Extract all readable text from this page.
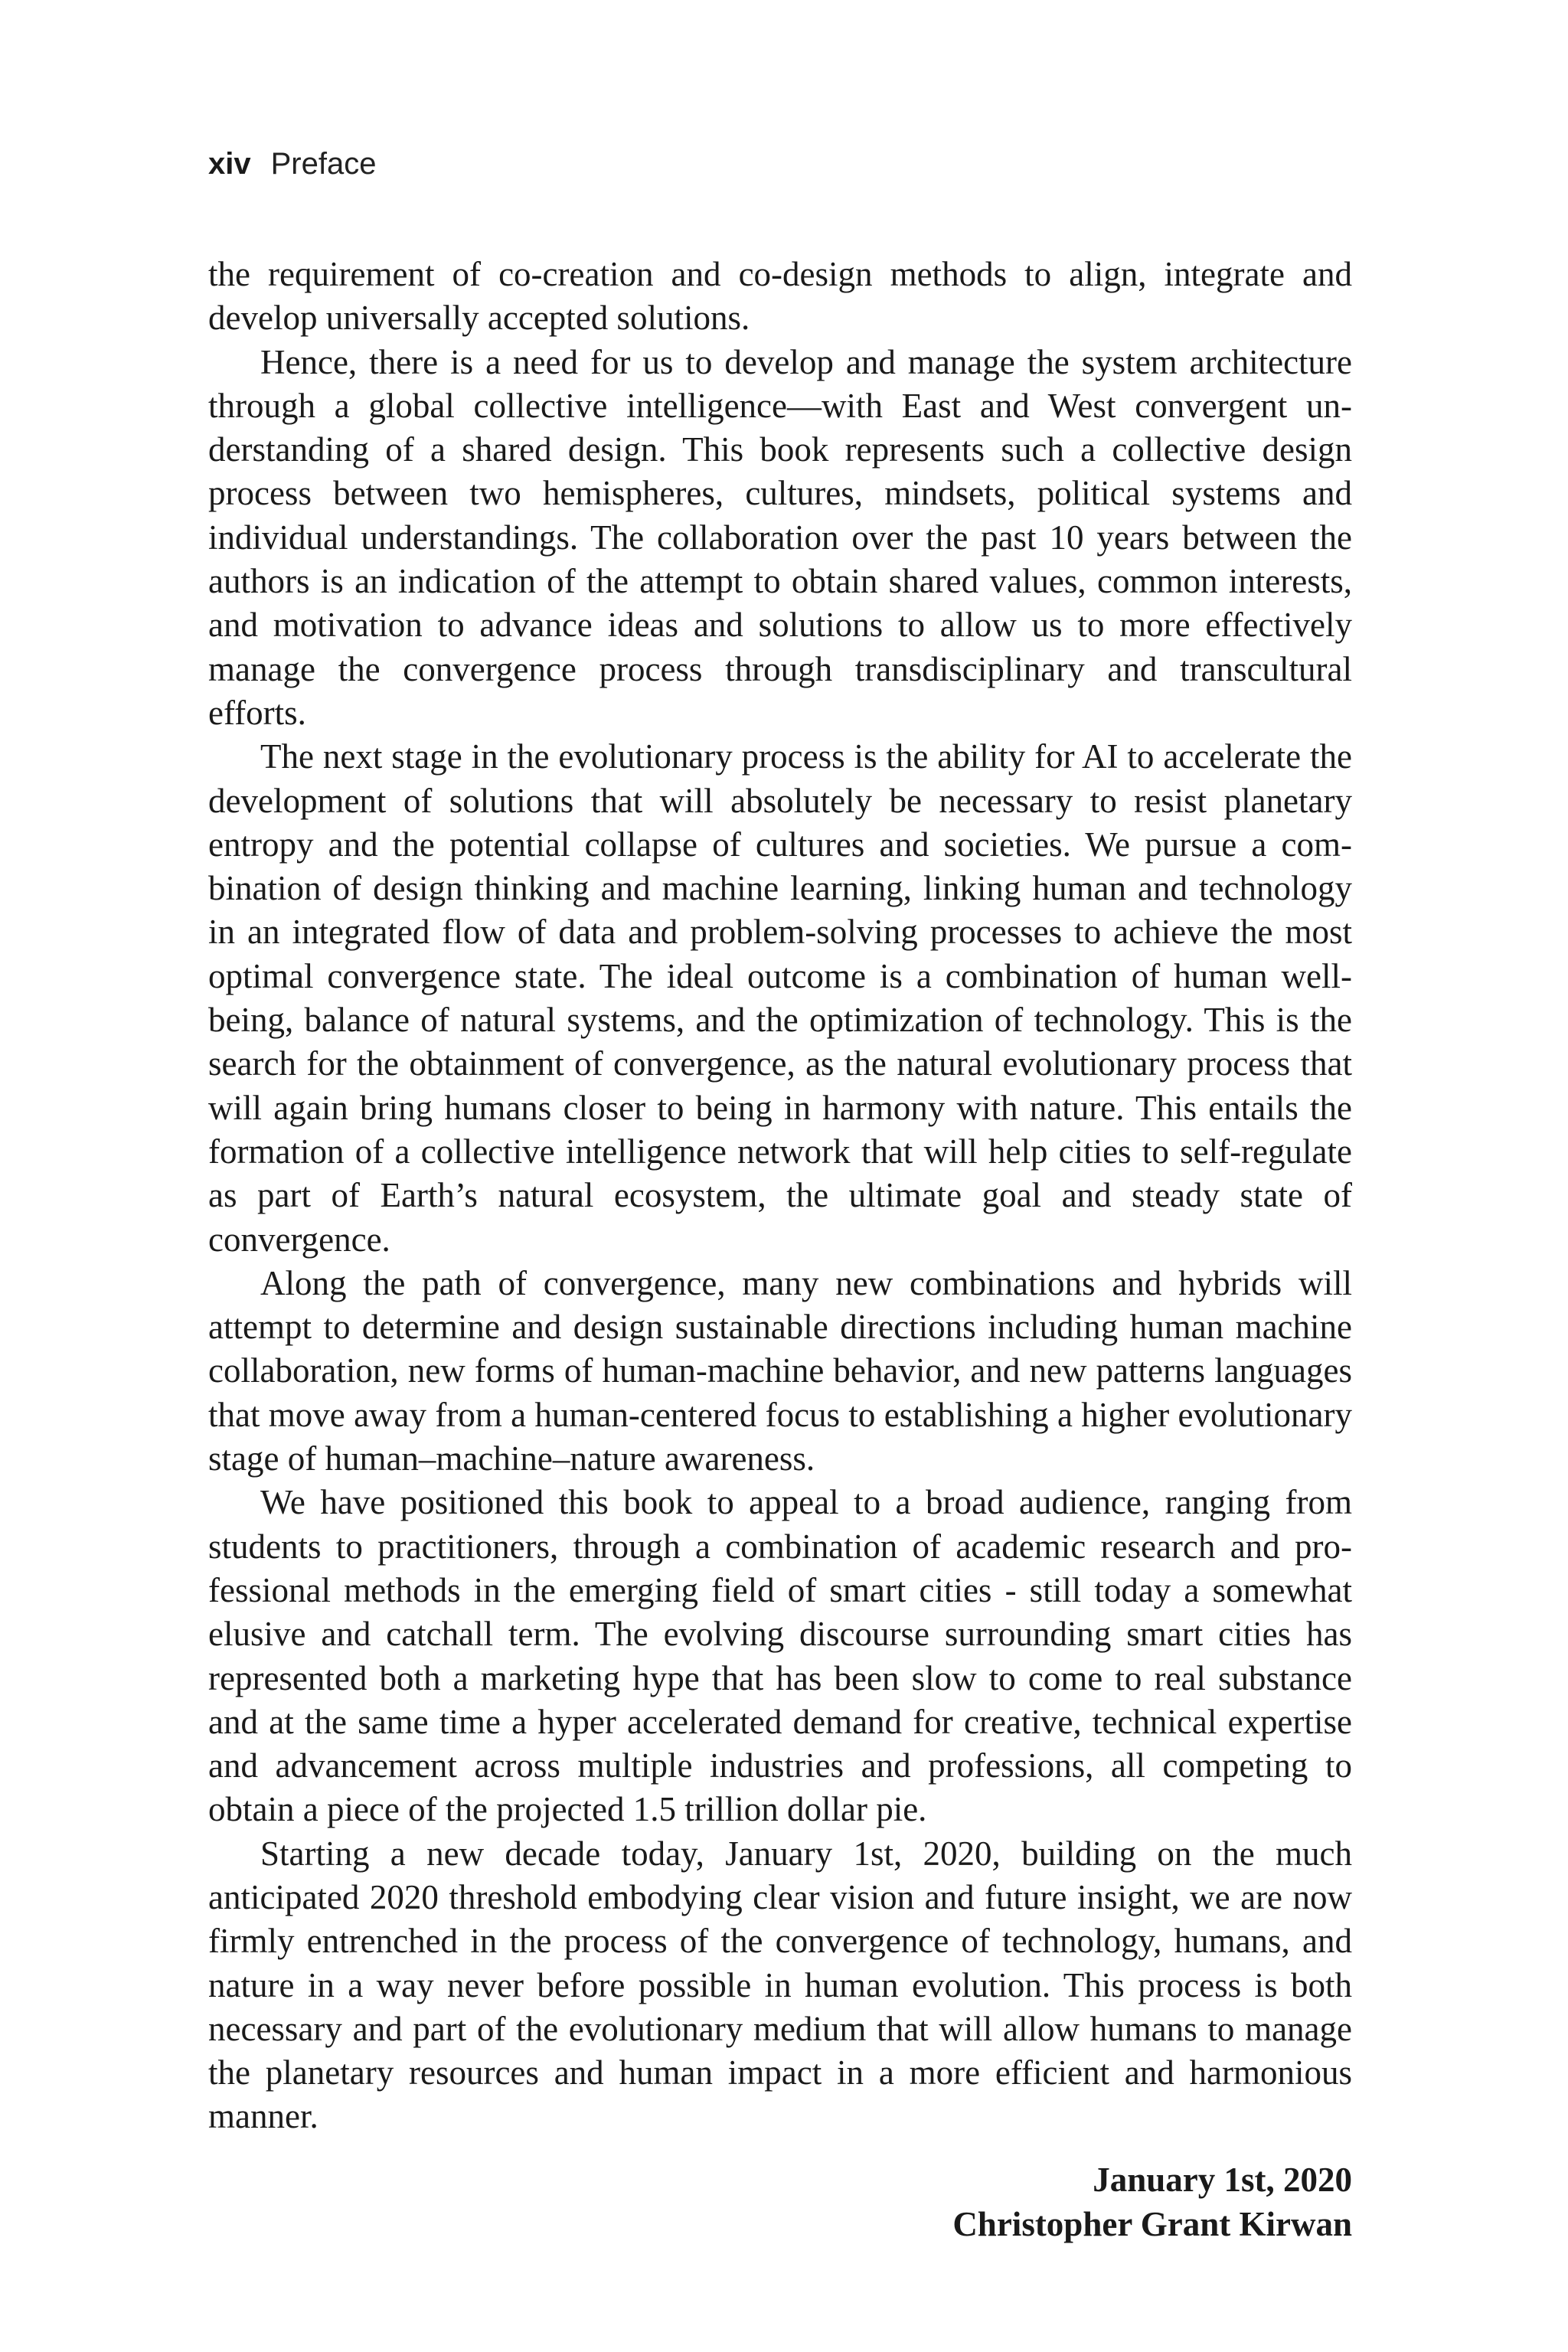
xiv Preface

the requirement of co-creation and co-design methods to align, integrate and develop universally accepted solutions.

Hence, there is a need for us to develop and manage the system architecture through a global collective intelligence—with East and West convergent understanding of a shared design. This book represents such a collective design process between two hemispheres, cultures, mindsets, political systems and individual understandings. The collaboration over the past 10 years between the authors is an indication of the attempt to obtain shared values, common interests, and motivation to advance ideas and solutions to allow us to more effectively manage the convergence process through transdisciplinary and transcultural efforts.

The next stage in the evolutionary process is the ability for AI to accelerate the development of solutions that will absolutely be necessary to resist planetary entropy and the potential collapse of cultures and societies. We pursue a combination of design thinking and machine learning, linking human and technology in an integrated flow of data and problem-solving processes to achieve the most optimal convergence state. The ideal outcome is a combination of human well-being, balance of natural systems, and the optimization of technology. This is the search for the obtainment of convergence, as the natural evolutionary process that will again bring humans closer to being in harmony with nature. This entails the formation of a collective intelligence network that will help cities to self-regulate as part of Earth’s natural ecosystem, the ultimate goal and steady state of convergence.

Along the path of convergence, many new combinations and hybrids will attempt to determine and design sustainable directions including human machine collaboration, new forms of human-machine behavior, and new patterns languages that move away from a human-centered focus to establishing a higher evolutionary stage of human–machine–nature awareness.

We have positioned this book to appeal to a broad audience, ranging from students to practitioners, through a combination of academic research and professional methods in the emerging field of smart cities - still today a somewhat elusive and catchall term. The evolving discourse surrounding smart cities has represented both a marketing hype that has been slow to come to real substance and at the same time a hyper accelerated demand for creative, technical expertise and advancement across multiple industries and professions, all competing to obtain a piece of the projected 1.5 trillion dollar pie.

Starting a new decade today, January 1st, 2020, building on the much anticipated 2020 threshold embodying clear vision and future insight, we are now firmly entrenched in the process of the convergence of technology, humans, and nature in a way never before possible in human evolution. This process is both necessary and part of the evolutionary medium that will allow humans to manage the planetary resources and human impact in a more efficient and harmonious manner.

January 1st, 2020
Christopher Grant Kirwan
